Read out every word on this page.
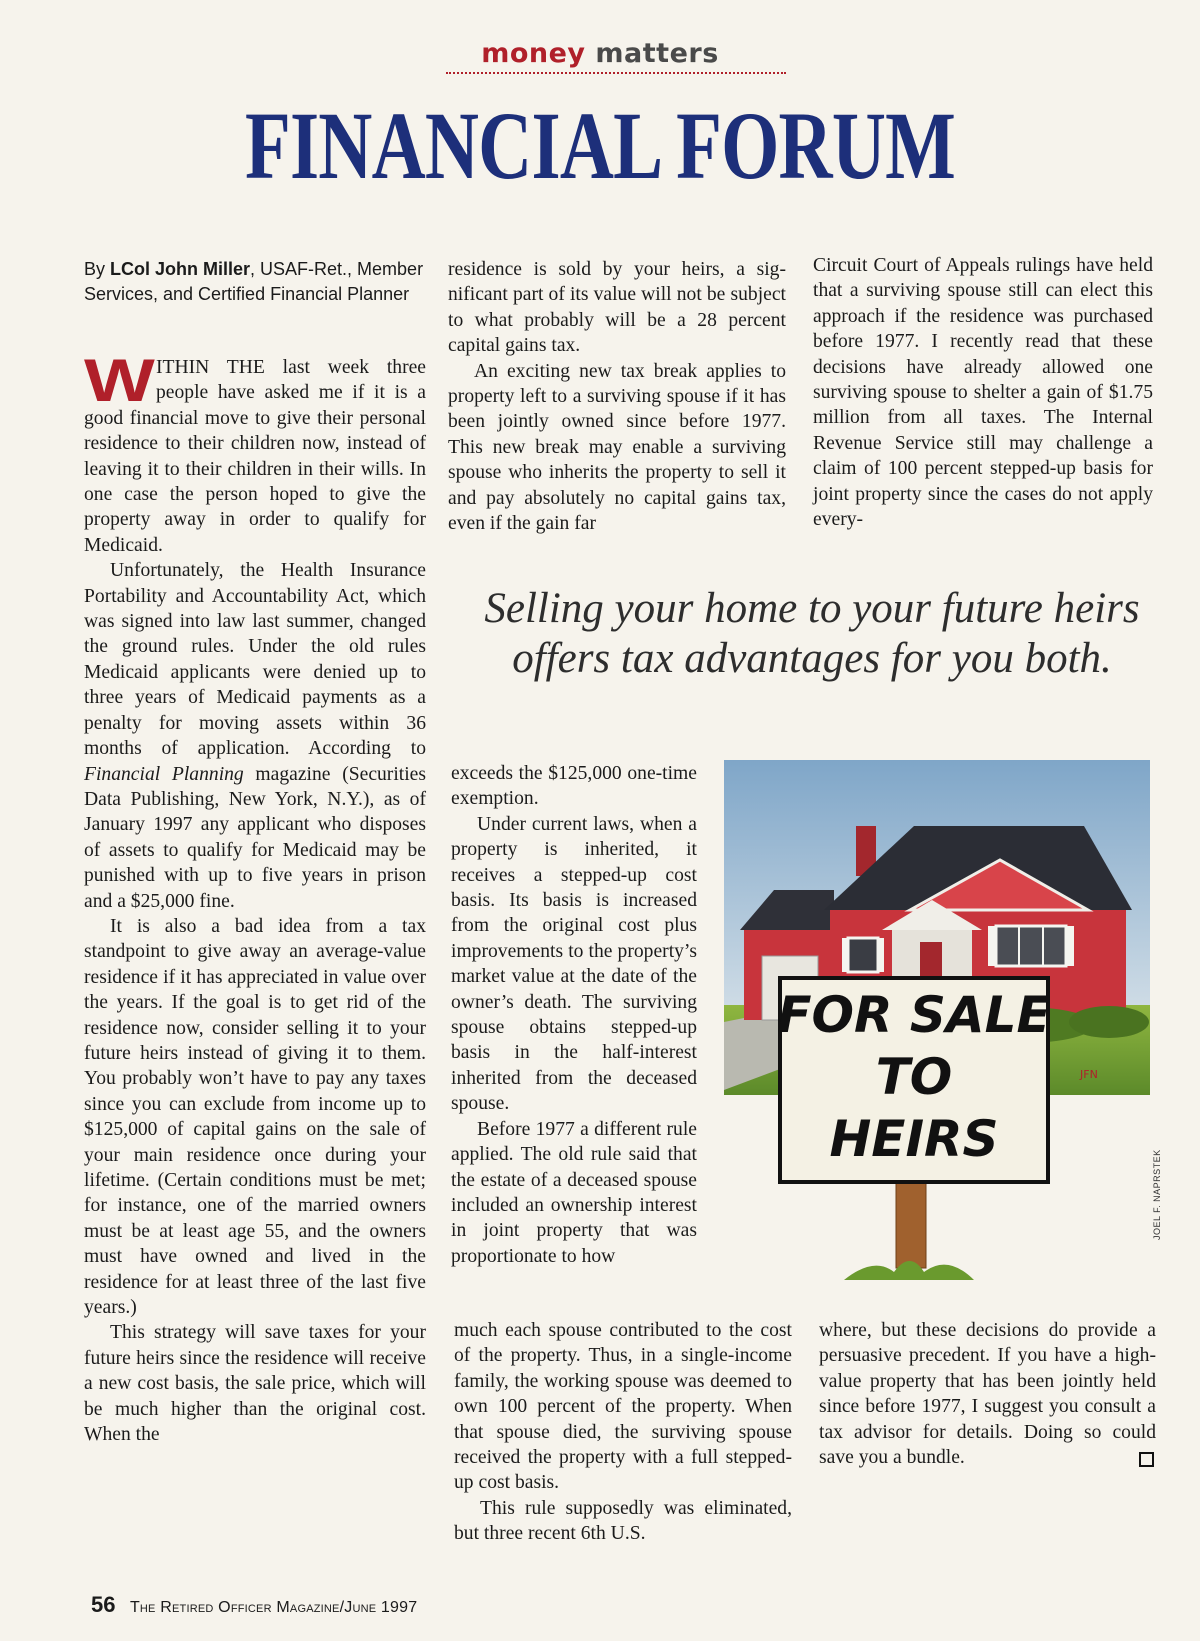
money matters
FINANCIAL FORUM
By LCol John Miller, USAF-Ret., Member Services, and Certified Financial Planner

WITHIN THE last week three people have asked me if it is a good financial move to give their personal residence to their children now, instead of leaving it to their children in their wills. In one case the person hoped to give the property away in order to qualify for Medicaid.

Unfortunately, the Health Insurance Portability and Accountability Act, which was signed into law last summer, changed the ground rules. Under the old rules Medicaid applicants were denied up to three years of Medicaid payments as a penalty for moving assets within 36 months of application. According to Financial Planning magazine (Securities Data Publishing, New York, N.Y.), as of January 1997 any applicant who disposes of assets to qualify for Medicaid may be punished with up to five years in prison and a $25,000 fine.

It is also a bad idea from a tax standpoint to give away an average-value residence if it has appreciated in value over the years. If the goal is to get rid of the residence now, consider selling it to your future heirs instead of giving it to them. You probably won’t have to pay any taxes since you can exclude from income up to $125,000 of capital gains on the sale of your main residence once during your lifetime. (Certain conditions must be met; for instance, one of the married owners must be at least age 55, and the owners must have owned and lived in the residence for at least three of the last five years.)

This strategy will save taxes for your future heirs since the residence will receive a new cost basis, the sale price, which will be much higher than the original cost. When the

residence is sold by your heirs, a significant part of its value will not be subject to what probably will be a 28 percent capital gains tax.

An exciting new tax break applies to property left to a surviving spouse if it has been jointly owned since before 1977. This new break may enable a surviving spouse who inherits the property to sell it and pay absolutely no capital gains tax, even if the gain far

Circuit Court of Appeals rulings have held that a surviving spouse still can elect this approach if the residence was purchased before 1977. I recently read that these decisions have already allowed one surviving spouse to shelter a gain of $1.75 million from all taxes. The Internal Revenue Service still may challenge a claim of 100 percent stepped-up basis for joint property since the cases do not apply every-

Selling your home to your future heirs offers tax advantages for you both.

exceeds the $125,000 one-time exemption.

Under current laws, when a property is inherited, it receives a stepped-up cost basis. Its basis is increased from the original cost plus improvements to the property’s market value at the date of the owner’s death. The surviving spouse obtains stepped-up basis in the half-interest inherited from the deceased spouse.

Before 1977 a different rule applied. The old rule said that the estate of a deceased spouse included an ownership interest in joint property that was proportionate to how

FOR SALE
TO
HEIRS
JFN
JOEL F. NAPRSTEK

much each spouse contributed to the cost of the property. Thus, in a single-income family, the working spouse was deemed to own 100 percent of the property. When that spouse died, the surviving spouse received the property with a full stepped-up cost basis.

This rule supposedly was eliminated, but three recent 6th U.S.

where, but these decisions do provide a persuasive precedent. If you have a high-value property that has been jointly held since before 1977, I suggest you consult a tax advisor for details. Doing so could save you a bundle.

56 The Retired Officer Magazine/June 1997
